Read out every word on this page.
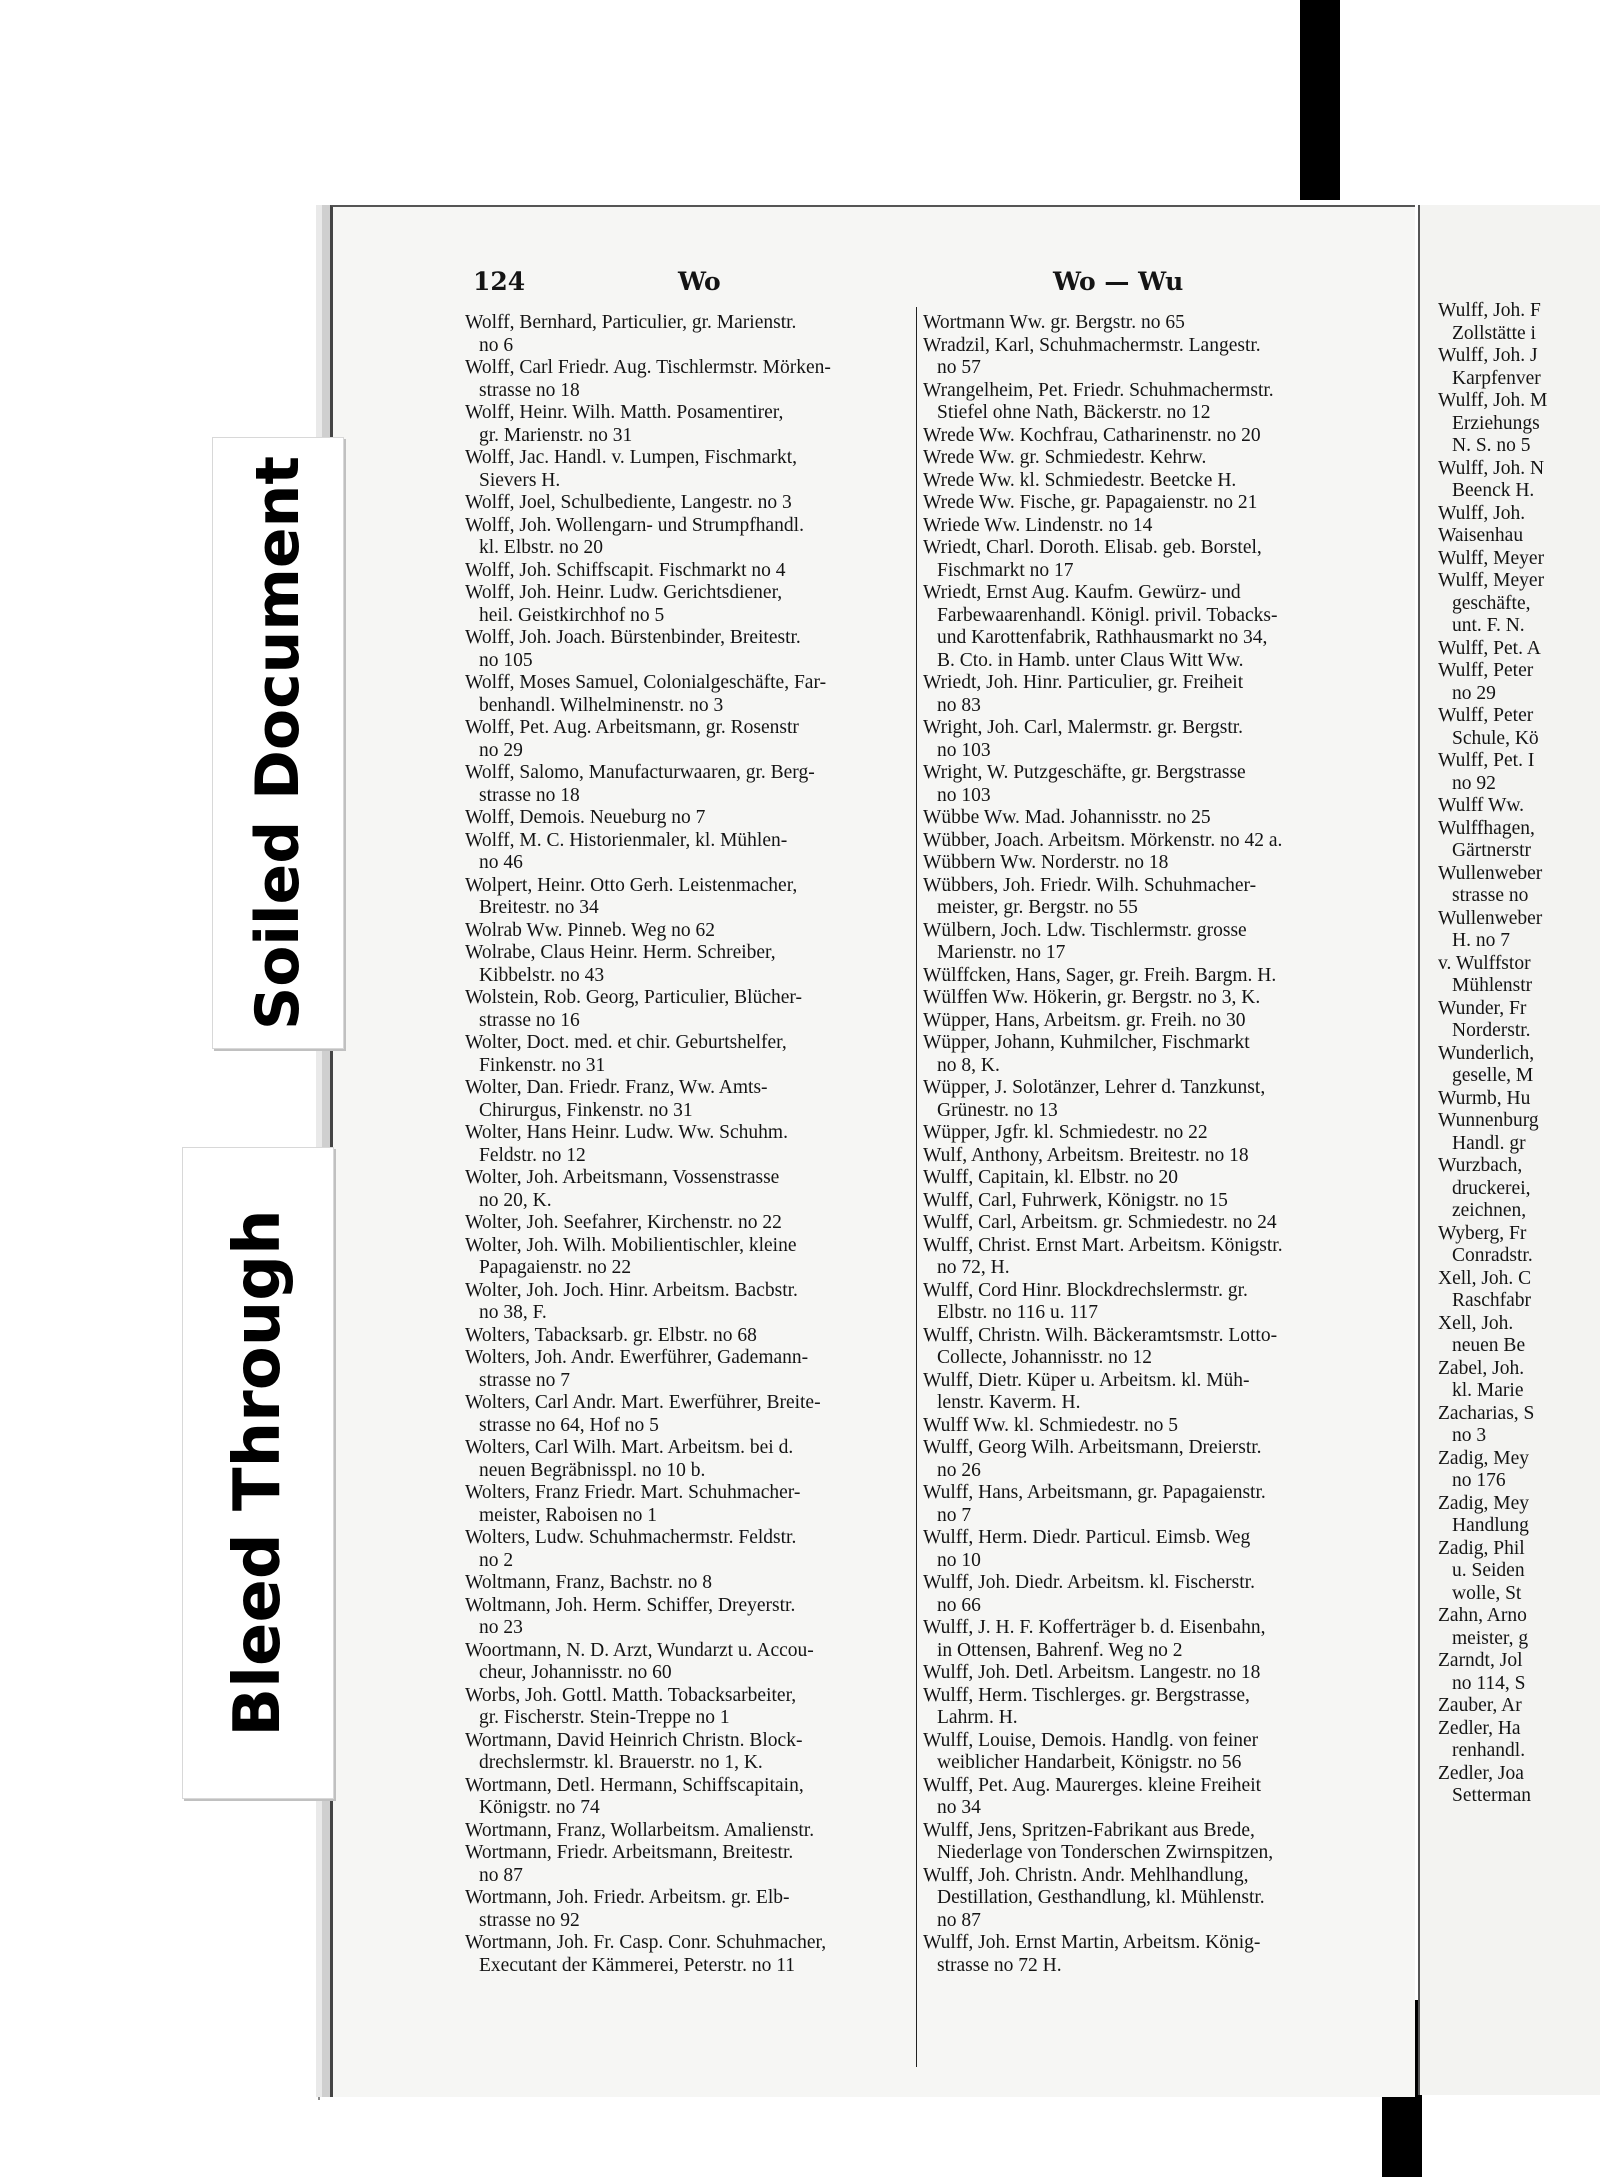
124	Wo	Wo — Wu
Wolff, Bernhard, Particulier, gr. Marienstr.
no 6
Wolff, Carl Friedr. Aug. Tischlermstr. Mörken-
strasse no 18
Wolff, Heinr. Wilh. Matth. Posamentirer,
gr. Marienstr. no 31
Wolff, Jac. Handl. v. Lumpen, Fischmarkt,
Sievers H.
Wolff, Joel, Schulbediente, Langestr. no 3
Wolff, Joh. Wollengarn- und Strumpfhandl.
kl. Elbstr. no 20
Wolff, Joh. Schiffscapit. Fischmarkt no 4
Wolff, Joh. Heinr. Ludw. Gerichtsdiener,
heil. Geistkirchhof no 5
Wolff, Joh. Joach. Bürstenbinder, Breitestr.
no 105
Wolff, Moses Samuel, Colonialgeschäfte, Far-
benhandl. Wilhelminenstr. no 3
Wolff, Pet. Aug. Arbeitsmann, gr. Rosenstr
no 29
Wolff, Salomo, Manufacturwaaren, gr. Berg-
strasse no 18
Wolff, Demois. Neueburg no 7
Wolff, M. C. Historienmaler, kl. Mühlen-
no 46
Wolpert, Heinr. Otto Gerh. Leistenmacher,
Breitestr. no 34
Wolrab Ww. Pinneb. Weg no 62
Wolrabe, Claus Heinr. Herm. Schreiber,
Kibbelstr. no 43
Wolstein, Rob. Georg, Particulier, Blücher-
strasse no 16
Wolter, Doct. med. et chir. Geburtshelfer,
Finkenstr. no 31
Wolter, Dan. Friedr. Franz, Ww. Amts-
Chirurgus, Finkenstr. no 31
Wolter, Hans Heinr. Ludw. Ww. Schuhm.
Feldstr. no 12
Wolter, Joh. Arbeitsmann, Vossenstrasse
no 20, K.
Wolter, Joh. Seefahrer, Kirchenstr. no 22
Wolter, Joh. Wilh. Mobilientischler, kleine
Papagaienstr. no 22
Wolter, Joh. Joch. Hinr. Arbeitsm. Bacbstr.
no 38, F.
Wolters, Tabacksarb. gr. Elbstr. no 68
Wolters, Joh. Andr. Ewerführer, Gademann-
strasse no 7
Wolters, Carl Andr. Mart. Ewerführer, Breite-
strasse no 64, Hof no 5
Wolters, Carl Wilh. Mart. Arbeitsm. bei d.
neuen Begräbnisspl. no 10 b.
Wolters, Franz Friedr. Mart. Schuhmacher-
meister, Raboisen no 1
Wolters, Ludw. Schuhmachermstr. Feldstr.
no 2
Woltmann, Franz, Bachstr. no 8
Woltmann, Joh. Herm. Schiffer, Dreyerstr.
no 23
Woortmann, N. D. Arzt, Wundarzt u. Accou-
cheur, Johannisstr. no 60
Worbs, Joh. Gottl. Matth. Tobacksarbeiter,
gr. Fischerstr. Stein-Treppe no 1
Wortmann, David Heinrich Christn. Block-
drechslermstr. kl. Brauerstr. no 1, K.
Wortmann, Detl. Hermann, Schiffscapitain,
Königstr. no 74
Wortmann, Franz, Wollarbeitsm. Amalienstr.
Wortmann, Friedr. Arbeitsmann, Breitestr.
no 87
Wortmann, Joh. Friedr. Arbeitsm. gr. Elb-
strasse no 92
Wortmann, Joh. Fr. Casp. Conr. Schuhmacher,
Executant der Kämmerei, Peterstr. no 11
Wortmann Ww. gr. Bergstr. no 65
Wradzil, Karl, Schuhmachermstr. Langestr.
no 57
Wrangelheim, Pet. Friedr. Schuhmachermstr.
Stiefel ohne Nath, Bäckerstr. no 12
Wrede Ww. Kochfrau, Catharinenstr. no 20
Wrede Ww. gr. Schmiedestr. Kehrw.
Wrede Ww. kl. Schmiedestr. Beetcke H.
Wrede Ww. Fische, gr. Papagaienstr. no 21
Wriede Ww. Lindenstr. no 14
Wriedt, Charl. Doroth. Elisab. geb. Borstel,
Fischmarkt no 17
Wriedt, Ernst Aug. Kaufm. Gewürz- und
Farbewaarenhandl. Königl. privil. Tobacks-
und Karottenfabrik, Rathhausmarkt no 34,
B. Cto. in Hamb. unter Claus Witt Ww.
Wriedt, Joh. Hinr. Particulier, gr. Freiheit
no 83
Wright, Joh. Carl, Malermstr. gr. Bergstr.
no 103
Wright, W. Putzgeschäfte, gr. Bergstrasse
no 103
Wübbe Ww. Mad. Johannisstr. no 25
Wübber, Joach. Arbeitsm. Mörkenstr. no 42 a.
Wübbern Ww. Norderstr. no 18
Wübbers, Joh. Friedr. Wilh. Schuhmacher-
meister, gr. Bergstr. no 55
Wülbern, Joch. Ldw. Tischlermstr. grosse
Marienstr. no 17
Wülffcken, Hans, Sager, gr. Freih. Bargm. H.
Wülffen Ww. Hökerin, gr. Bergstr. no 3, K.
Wüpper, Hans, Arbeitsm. gr. Freih. no 30
Wüpper, Johann, Kuhmilcher, Fischmarkt
no 8, K.
Wüpper, J. Solotänzer, Lehrer d. Tanzkunst,
Grünestr. no 13
Wüpper, Jgfr. kl. Schmiedestr. no 22
Wulf, Anthony, Arbeitsm. Breitestr. no 18
Wulff, Capitain, kl. Elbstr. no 20
Wulff, Carl, Fuhrwerk, Königstr. no 15
Wulff, Carl, Arbeitsm. gr. Schmiedestr. no 24
Wulff, Christ. Ernst Mart. Arbeitsm. Königstr.
no 72, H.
Wulff, Cord Hinr. Blockdrechslermstr. gr.
Elbstr. no 116 u. 117
Wulff, Christn. Wilh. Bäckeramtsmstr. Lotto-
Collecte, Johannisstr. no 12
Wulff, Dietr. Küper u. Arbeitsm. kl. Müh-
lenstr. Kaverm. H.
Wulff Ww. kl. Schmiedestr. no 5
Wulff, Georg Wilh. Arbeitsmann, Dreierstr.
no 26
Wulff, Hans, Arbeitsmann, gr. Papagaienstr.
no 7
Wulff, Herm. Diedr. Particul. Eimsb. Weg
no 10
Wulff, Joh. Diedr. Arbeitsm. kl. Fischerstr.
no 66
Wulff, J. H. F. Kofferträger b. d. Eisenbahn,
in Ottensen, Bahrenf. Weg no 2
Wulff, Joh. Detl. Arbeitsm. Langestr. no 18
Wulff, Herm. Tischlerges. gr. Bergstrasse,
Lahrm. H.
Wulff, Louise, Demois. Handlg. von feiner
weiblicher Handarbeit, Königstr. no 56
Wulff, Pet. Aug. Maurerges. kleine Freiheit
no 34
Wulff, Jens, Spritzen-Fabrikant aus Brede,
Niederlage von Tonderschen Zwirnspitzen,
Wulff, Joh. Christn. Andr. Mehlhandlung,
Destillation, Gesthandlung, kl. Mühlenstr.
no 87
Wulff, Joh. Ernst Martin, Arbeitsm. König-
strasse no 72 H.
Wulff, Joh. F
Zollstätte i
Wulff, Joh. J
Karpfenver
Wulff, Joh. M
Erziehungs
N. S. no 5
Wulff, Joh. N
Beenck H.
Wulff, Joh.
Waisenhau
Wulff, Meyer
Wulff, Meyer
geschäfte,
unt. F. N.
Wulff, Pet. A
Wulff, Peter
no 29
Wulff, Peter
Schule, Kö
Wulff, Pet. I
no 92
Wulff Ww.
Wulffhagen,
Gärtnerstr
Wullenweber
strasse no
Wullenweber
H. no 7
v. Wulffstor
Mühlenstr
Wunder, Fr
Norderstr.
Wunderlich,
geselle, M
Wurmb, Hu
Wunnenburg
Handl. gr
Wurzbach,
druckerei,
zeichnen,
Wyberg, Fr
Conradstr.
Xell, Joh. C
Raschfabr
Xell, Joh.
neuen Be
Zabel, Joh.
kl. Marie
Zacharias, S
no 3
Zadig, Mey
no 176
Zadig, Mey
Handlung
Zadig, Phil
u. Seiden
wolle, St
Zahn, Arno
meister, g
Zarndt, Jol
no 114, S
Zauber, Ar
Zedler, Ha
renhandl.
Zedler, Joa
Setterman
Soiled Document
Bleed Through
